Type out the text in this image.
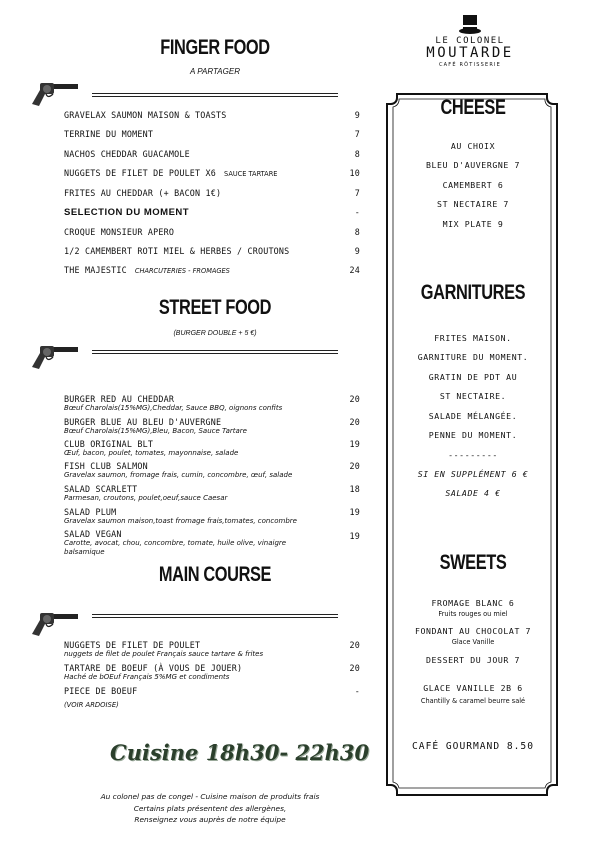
LE COLONEL
MOUTARDE
CAFÉ RÔTISSERIE
FINGER FOOD
A PARTAGER
GRAVELAX SAUMON MAISON & TOASTS	9
TERRINE DU MOMENT	7
NACHOS CHEDDAR GUACAMOLE	8
NUGGETS DE FILET DE POULET X6 SAUCE TARTARE	10
FRITES AU CHEDDAR (+ BACON 1€)	7
SELECTION DU MOMENT	-
CROQUE MONSIEUR APERO	8
1/2 CAMEMBERT ROTI MIEL & HERBES / CROUTONS	9
THE MAJESTIC CHARCUTERIES - FROMAGES	24
STREET FOOD
(BURGER DOUBLE + 5 €)
BURGER RED AU CHEDDAR	20
Bœuf Charolais(15%MG),Cheddar, Sauce BBQ, oignons confits
BURGER BLUE AU BLEU D'AUVERGNE	20
Bœuf Charolais(15%MG),Bleu, Bacon, Sauce Tartare
CLUB ORIGINAL BLT	19
Œuf, bacon, poulet, tomates, mayonnaise, salade
FISH CLUB SALMON	20
Gravelax saumon, fromage frais, cumin, concombre, œuf, salade
SALAD SCARLETT	18
Parmesan, croutons, poulet,oeuf,sauce Caesar
SALAD PLUM	19
Gravelax saumon maison,toast fromage frais,tomates, concombre
SALAD VEGAN	19
Carotte, avocat, chou, concombre, tomate, huile olive, vinaigre balsamique
MAIN COURSE
NUGGETS DE FILET DE POULET	20
nuggets de filet de poulet Français sauce tartare & frites
TARTARE DE BOEUF (À VOUS DE JOUER)	20
Haché de bOEuf Français 5%MG et condiments
PIECE DE BOEUF	-
(VOIR ARDOISE)
Cuisine 18h30- 22h30
Au colonel pas de congel - Cuisine maison de produits frais
Certains plats présentent des allergènes,
Renseignez vous auprès de notre équipe
CHEESE
AU CHOIX
BLEU D'AUVERGNE 7
CAMEMBERT 6
ST NECTAIRE 7
MIX PLATE 9
GARNITURES
FRITES MAISON.
GARNITURE DU MOMENT.
GRATIN DE PDT AU
ST NECTAIRE.
SALADE MÉLANGÉE.
PENNE DU MOMENT.
---------
SI EN SUPPLÉMENT 6 €
SALADE 4 €
SWEETS
FROMAGE BLANC 6
Fruits rouges ou miel
FONDANT AU CHOCOLAT 7
Glace Vanille
DESSERT DU JOUR 7
GLACE VANILLE 2B 6
Chantilly & caramel beurre salé
CAFÉ GOURMAND 8.50
